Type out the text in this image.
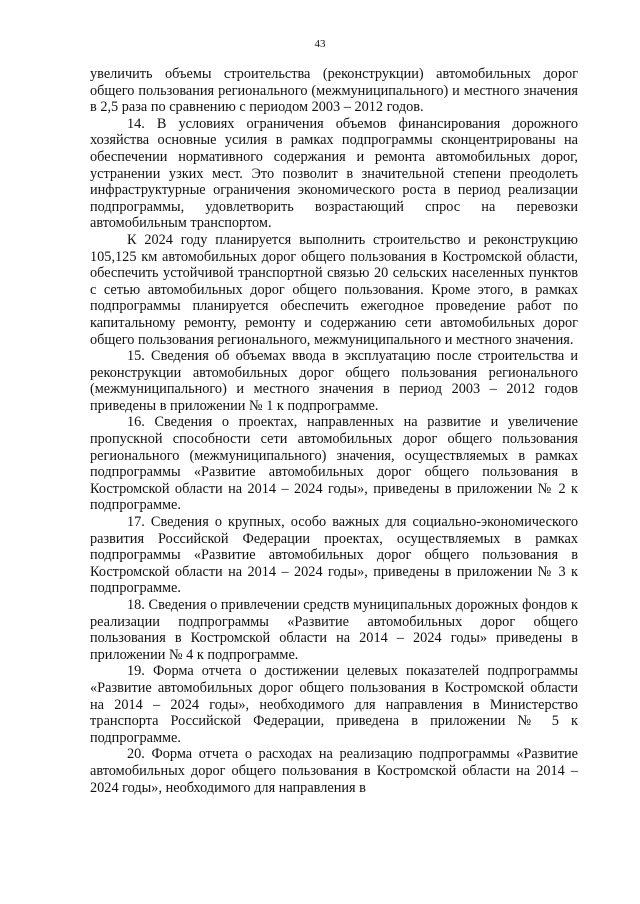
43

увеличить объемы строительства (реконструкции) автомобильных дорог общего пользования регионального (межмуниципального) и местного значения в 2,5 раза по сравнению с периодом 2003 – 2012 годов.

14. В условиях ограничения объемов финансирования дорожного хозяйства основные усилия в рамках подпрограммы сконцентрированы на обеспечении нормативного содержания и ремонта автомобильных дорог, устранении узких мест. Это позволит в значительной степени преодолеть инфраструктурные ограничения экономического роста в период реализации подпрограммы, удовлетворить возрастающий спрос на перевозки автомобильным транспортом.

К 2024 году планируется выполнить строительство и реконструкцию 105,125 км автомобильных дорог общего пользования в Костромской области, обеспечить устойчивой транспортной связью 20 сельских населенных пунктов с сетью автомобильных дорог общего пользования. Кроме этого, в рамках подпрограммы планируется обеспечить ежегодное проведение работ по капитальному ремонту, ремонту и содержанию сети автомобильных дорог общего пользования регионального, межмуниципального и местного значения.

15. Сведения об объемах ввода в эксплуатацию после строительства и реконструкции автомобильных дорог общего пользования регионального (межмуниципального) и местного значения в период 2003 – 2012 годов приведены в приложении № 1 к подпрограмме.

16. Сведения о проектах, направленных на развитие и увеличение пропускной способности сети автомобильных дорог общего пользования регионального (межмуниципального) значения, осуществляемых в рамках подпрограммы «Развитие автомобильных дорог общего пользования в Костромской области на 2014 – 2024 годы», приведены в приложении № 2 к подпрограмме.

17. Сведения о крупных, особо важных для социально-экономического развития Российской Федерации проектах, осуществляемых в рамках подпрограммы «Развитие автомобильных дорог общего пользования в Костромской области на 2014 – 2024 годы», приведены в приложении № 3 к подпрограмме.

18. Сведения о привлечении средств муниципальных дорожных фондов к реализации подпрограммы «Развитие автомобильных дорог общего пользования в Костромской области на 2014 – 2024 годы» приведены в приложении № 4 к подпрограмме.

19. Форма отчета о достижении целевых показателей подпрограммы «Развитие автомобильных дорог общего пользования в Костромской области на 2014 – 2024 годы», необходимого для направления в Министерство транспорта Российской Федерации, приведена в приложении № 5 к подпрограмме.

20. Форма отчета о расходах на реализацию подпрограммы «Развитие автомобильных дорог общего пользования в Костромской области на 2014 – 2024 годы», необходимого для направления в
